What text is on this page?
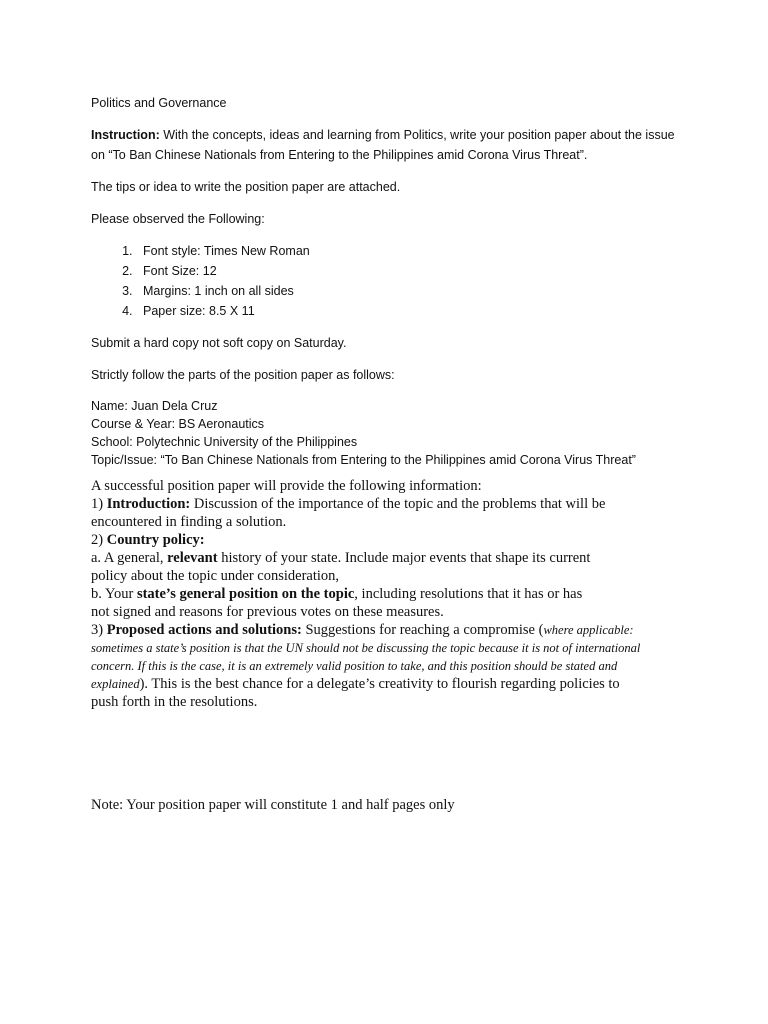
Politics and Governance

Instruction: With the concepts, ideas and learning from Politics, write your position paper about the issue on “To Ban Chinese Nationals from Entering to the Philippines amid Corona Virus Threat”.

The tips or idea to write the position paper are attached.

Please observed the Following:

1. Font style: Times New Roman
2. Font Size: 12
3. Margins: 1 inch on all sides
4. Paper size: 8.5 X 11

Submit a hard copy not soft copy on Saturday.

Strictly follow the parts of the position paper as follows:

Name: Juan Dela Cruz
Course & Year: BS Aeronautics
School: Polytechnic University of the Philippines
Topic/Issue: “To Ban Chinese Nationals from Entering to the Philippines amid Corona Virus Threat”
A successful position paper will provide the following information:
1) Introduction: Discussion of the importance of the topic and the problems that will be
encountered in finding a solution.
2) Country policy:
a. A general, relevant history of your state. Include major events that shape its current
policy about the topic under consideration,
b. Your state’s general position on the topic, including resolutions that it has or has
not signed and reasons for previous votes on these measures.
3) Proposed actions and solutions: Suggestions for reaching a compromise (where applicable:
sometimes a state’s position is that the UN should not be discussing the topic because it is not of international
concern. If this is the case, it is an extremely valid position to take, and this position should be stated and
explained). This is the best chance for a delegate’s creativity to flourish regarding policies to
push forth in the resolutions.

Note: Your position paper will constitute 1 and half pages only
